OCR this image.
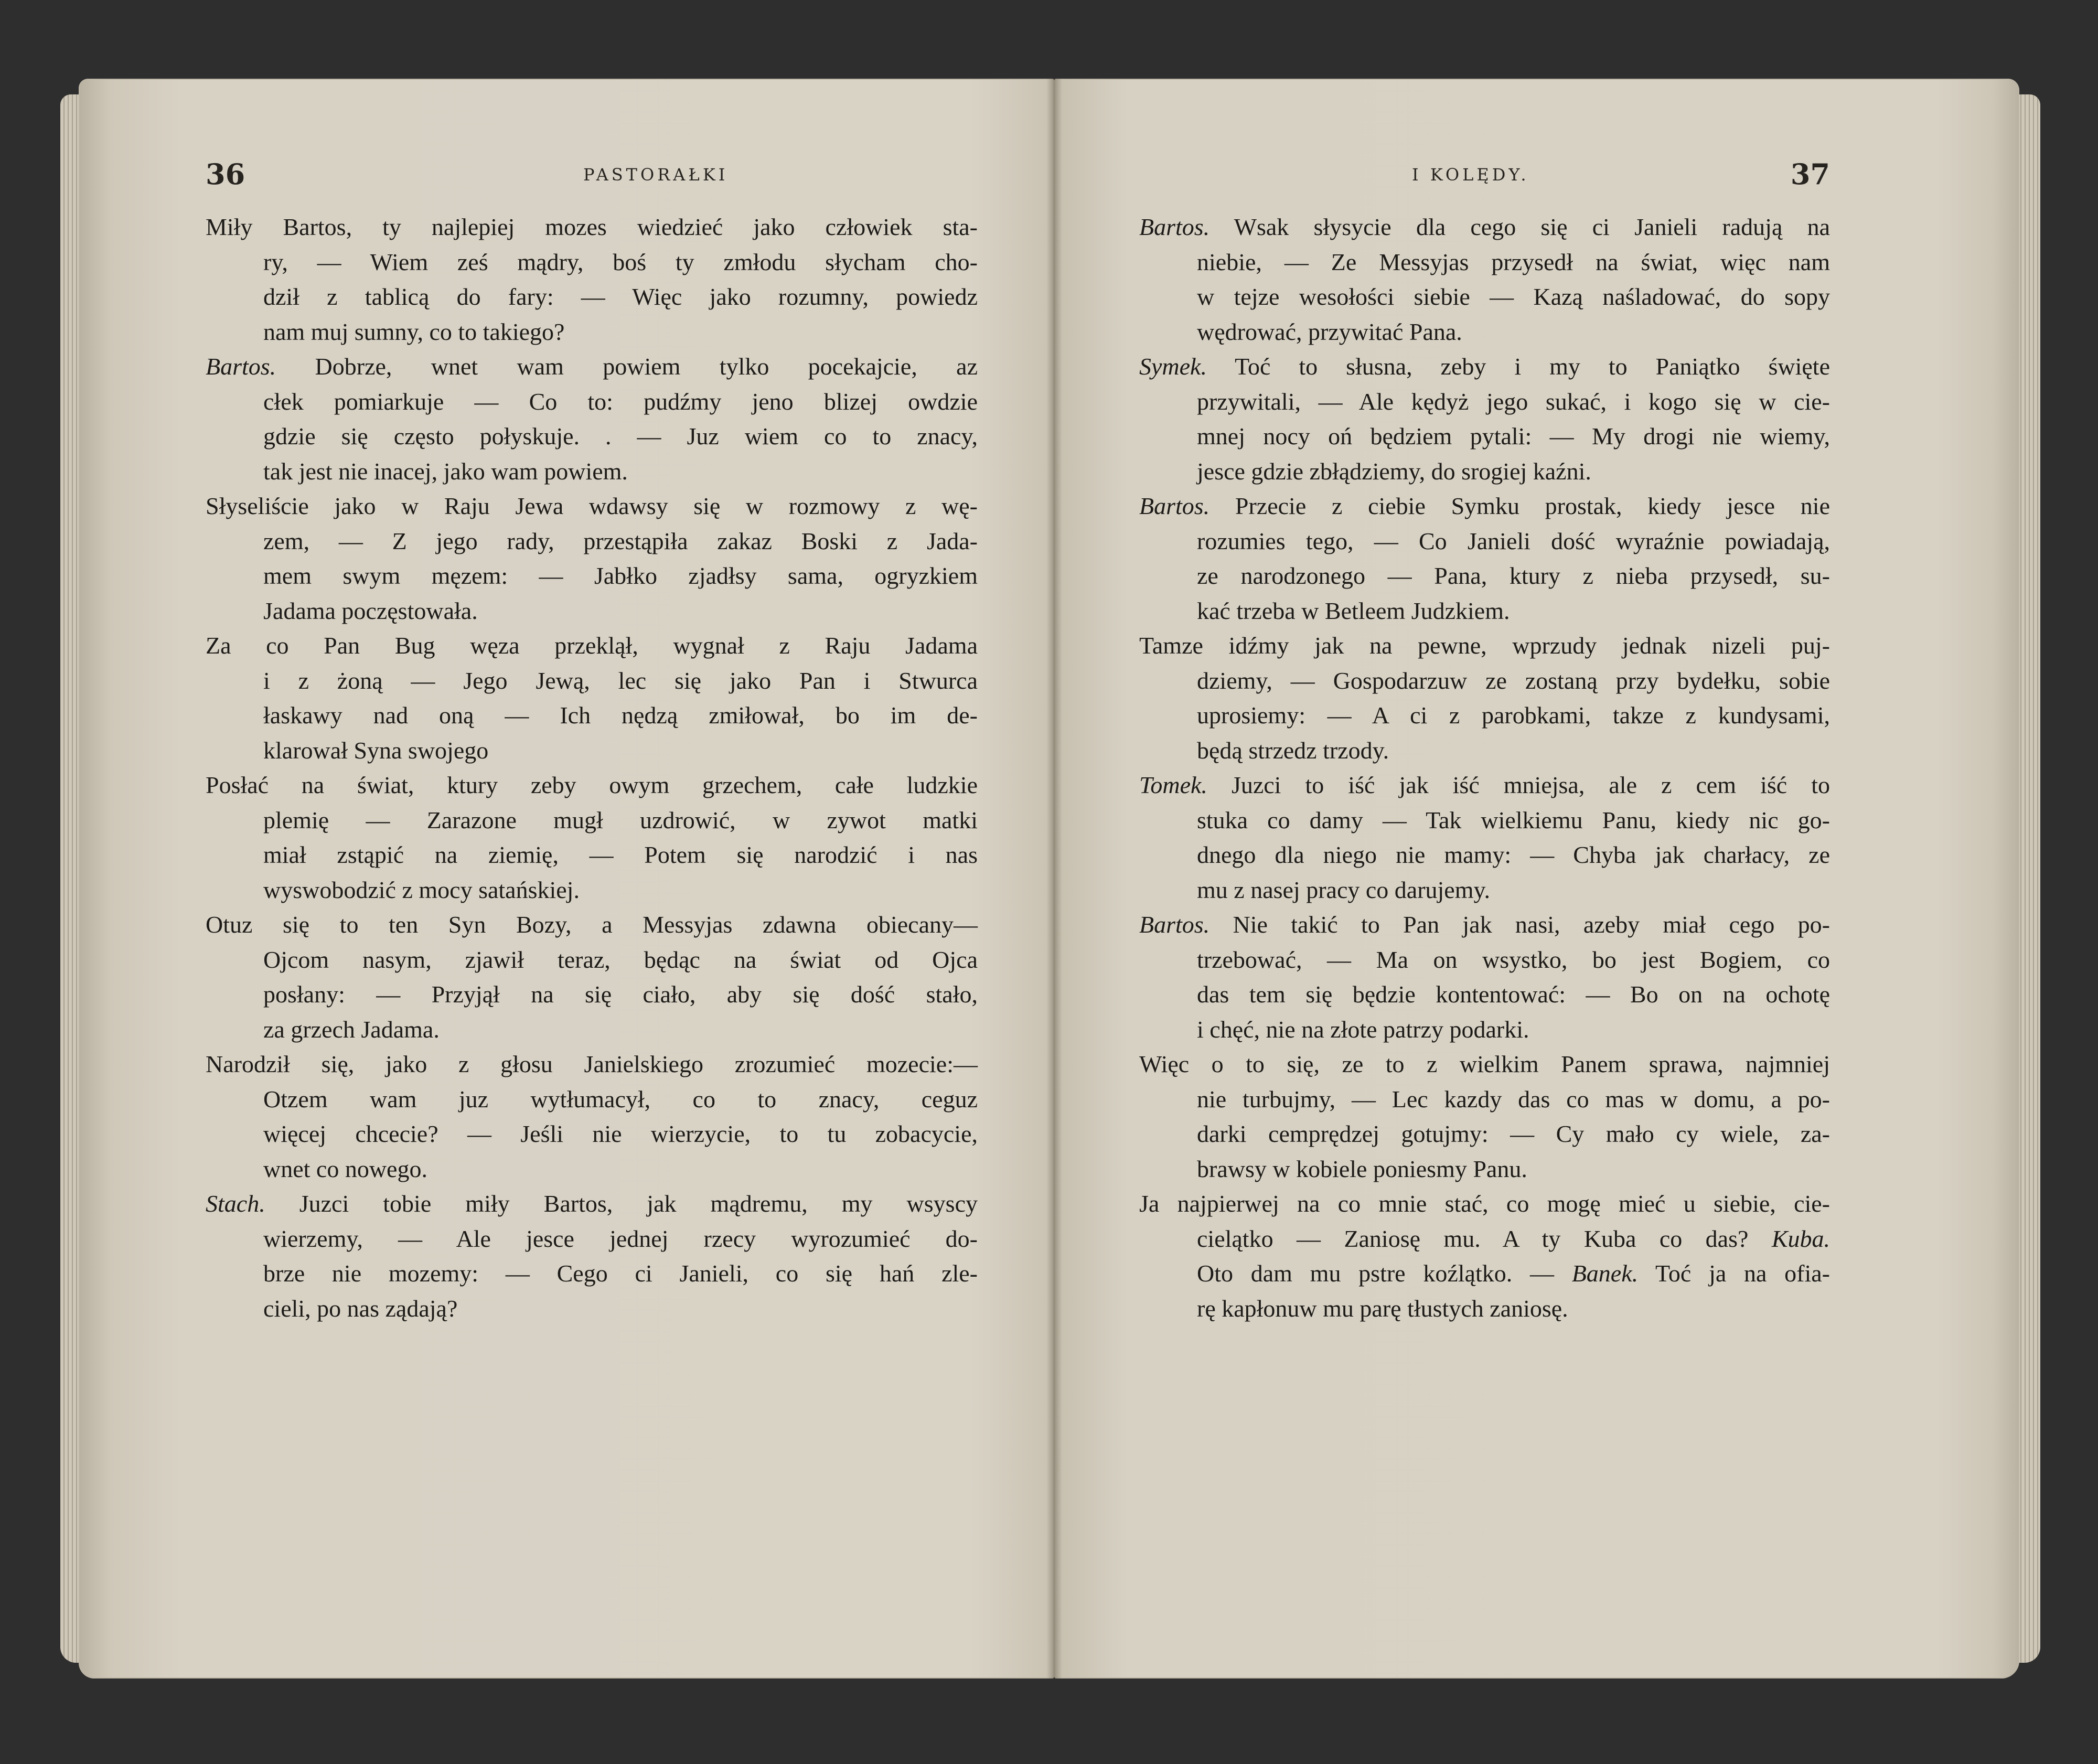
36	PASTORAŁKI	I KOLĘDY.	37
Miły Bartos, ty najlepiej mozes wiedzieć jako człowiek sta-
ry, — Wiem ześ mądry, boś ty zmłodu słycham cho-
dził z tablicą do fary: — Więc jako rozumny, powiedz
nam muj sumny, co to takiego?
Bartos. Dobrze, wnet wam powiem tylko pocekajcie, az
cłek pomiarkuje — Co to: pudźmy jeno blizej owdzie
gdzie się często połyskuje. . — Juz wiem co to znacy,
tak jest nie inacej, jako wam powiem.
Słyseliście jako w Raju Jewa wdawsy się w rozmowy z wę-
zem, — Z jego rady, przestąpiła zakaz Boski z Jada-
mem swym męzem: — Jabłko zjadłsy sama, ogryzkiem
Jadama poczęstowała.
Za co Pan Bug węza przeklął, wygnał z Raju Jadama
i z żoną — Jego Jewą, lec się jako Pan i Stwurca
łaskawy nad oną — Ich nędzą zmiłował, bo im de-
klarował Syna swojego
Posłać na świat, ktury zeby owym grzechem, całe ludzkie
plemię — Zarazone mugł uzdrowić, w zywot matki
miał zstąpić na ziemię, — Potem się narodzić i nas
wyswobodzić z mocy satańskiej.
Otuz się to ten Syn Bozy, a Messyjas zdawna obiecany—
Ojcom nasym, zjawił teraz, będąc na świat od Ojca
posłany: — Przyjął na się ciało, aby się dość stało,
za grzech Jadama.
Narodził się, jako z głosu Janielskiego zrozumieć mozecie:—
Otzem wam juz wytłumacył, co to znacy, ceguz
więcej chcecie? — Jeśli nie wierzycie, to tu zobacycie,
wnet co nowego.
Stach. Juzci tobie miły Bartos, jak mądremu, my wsyscy
wierzemy, — Ale jesce jednej rzecy wyrozumieć do-
brze nie mozemy: — Cego ci Janieli, co się hań zle-
cieli, po nas ządają?
Bartos. Wsak słysycie dla cego się ci Janieli radują na
niebie, — Ze Messyjas przysedł na świat, więc nam
w tejze wesołości siebie — Kazą naśladować, do sopy
wędrować, przywitać Pana.
Symek. Toć to słusna, zeby i my to Paniątko święte
przywitali, — Ale kędyż jego sukać, i kogo się w cie-
mnej nocy oń będziem pytali: — My drogi nie wiemy,
jesce gdzie zbłądziemy, do srogiej kaźni.
Bartos. Przecie z ciebie Symku prostak, kiedy jesce nie
rozumies tego, — Co Janieli dość wyraźnie powiadają,
ze narodzonego — Pana, ktury z nieba przysedł, su-
kać trzeba w Betleem Judzkiem.
Tamze idźmy jak na pewne, wprzudy jednak nizeli puj-
dziemy, — Gospodarzuw ze zostaną przy bydełku, sobie
uprosiemy: — A ci z parobkami, takze z kundysami,
będą strzedz trzody.
Tomek. Juzci to iść jak iść mniejsa, ale z cem iść to
stuka co damy — Tak wielkiemu Panu, kiedy nic go-
dnego dla niego nie mamy: — Chyba jak charłacy, ze
mu z nasej pracy co darujemy.
Bartos. Nie takić to Pan jak nasi, azeby miał cego po-
trzebować, — Ma on wsystko, bo jest Bogiem, co
das tem się będzie kontentować: — Bo on na ochotę
i chęć, nie na złote patrzy podarki.
Więc o to się, ze to z wielkim Panem sprawa, najmniej
nie turbujmy, — Lec kazdy das co mas w domu, a po-
darki cemprędzej gotujmy: — Cy mało cy wiele, za-
brawsy w kobiele poniesmy Panu.
Ja najpierwej na co mnie stać, co mogę mieć u siebie, cie-
cielątko — Zaniosę mu. A ty Kuba co das? Kuba.
Oto dam mu pstre koźlątko. — Banek. Toć ja na ofia-
rę kapłonuw mu parę tłustych zaniosę.
